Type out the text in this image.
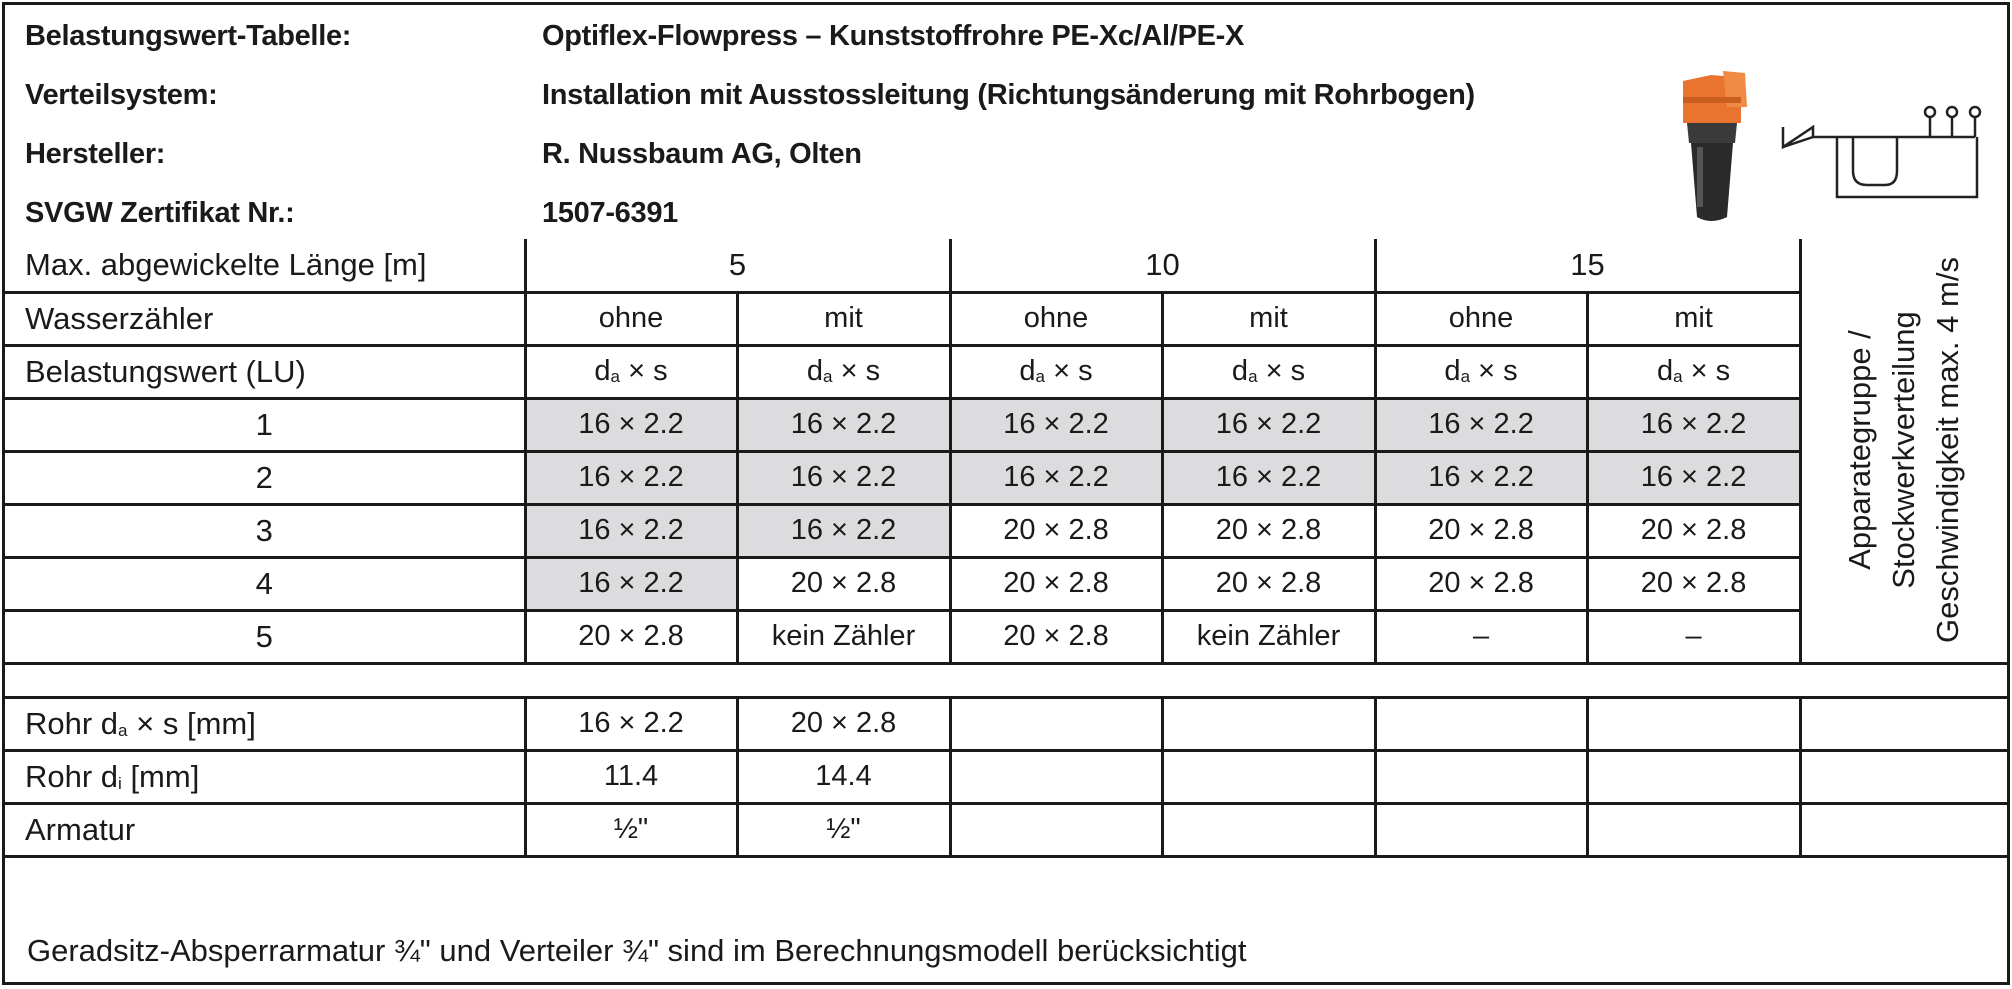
Belastungswert-Tabelle:	Optiflex-Flowpress – Kunststoffrohre PE-Xc/Al/PE-X
Verteilsystem:	Installation mit Ausstossleitung (Richtungsänderung mit Rohrbogen)
Hersteller:	R. Nussbaum AG, Olten
SVGW Zertifikat Nr.:	1507-6391
Max. abgewickelte Länge [m]	5		10		15		Apparategruppe / Stockwerkverteilung Geschwindigkeit max. 4 m/s

Wasserzähler	ohne	mit	ohne	mit	ohne	mit	
Belastungswert (LU)	$d_a \times s$	$d_a \times s$	$d_a \times s$	$d_a \times s$	$d_a \times s$	$d_a \times s$	
1	16 × 2.2	16 × 2.2	16 × 2.2	16 × 2.2	16 × 2.2	16 × 2.2	
2	16 × 2.2	16 × 2.2	16 × 2.2	16 × 2.2	16 × 2.2	16 × 2.2	
3	16 × 2.2	16 × 2.2	20 × 2.8	20 × 2.8	20 × 2.8	20 × 2.8	
4	16 × 2.2	20 × 2.8	20 × 2.8	20 × 2.8	20 × 2.8	20 × 2.8	
5	20 × 2.8	kein Zähler	20 × 2.8	kein Zähler	–	–	

Rohr $d_a \times s$ [mm]	16 × 2.2	20 × 2.8					
Rohr $d_i$ [mm]	11.4	14.4					
Armatur	½"	½"					
Geradsitz-Absperrarmatur ¾" und Verteiler ¾" sind im Berechnungsmodell berücksichtigt
